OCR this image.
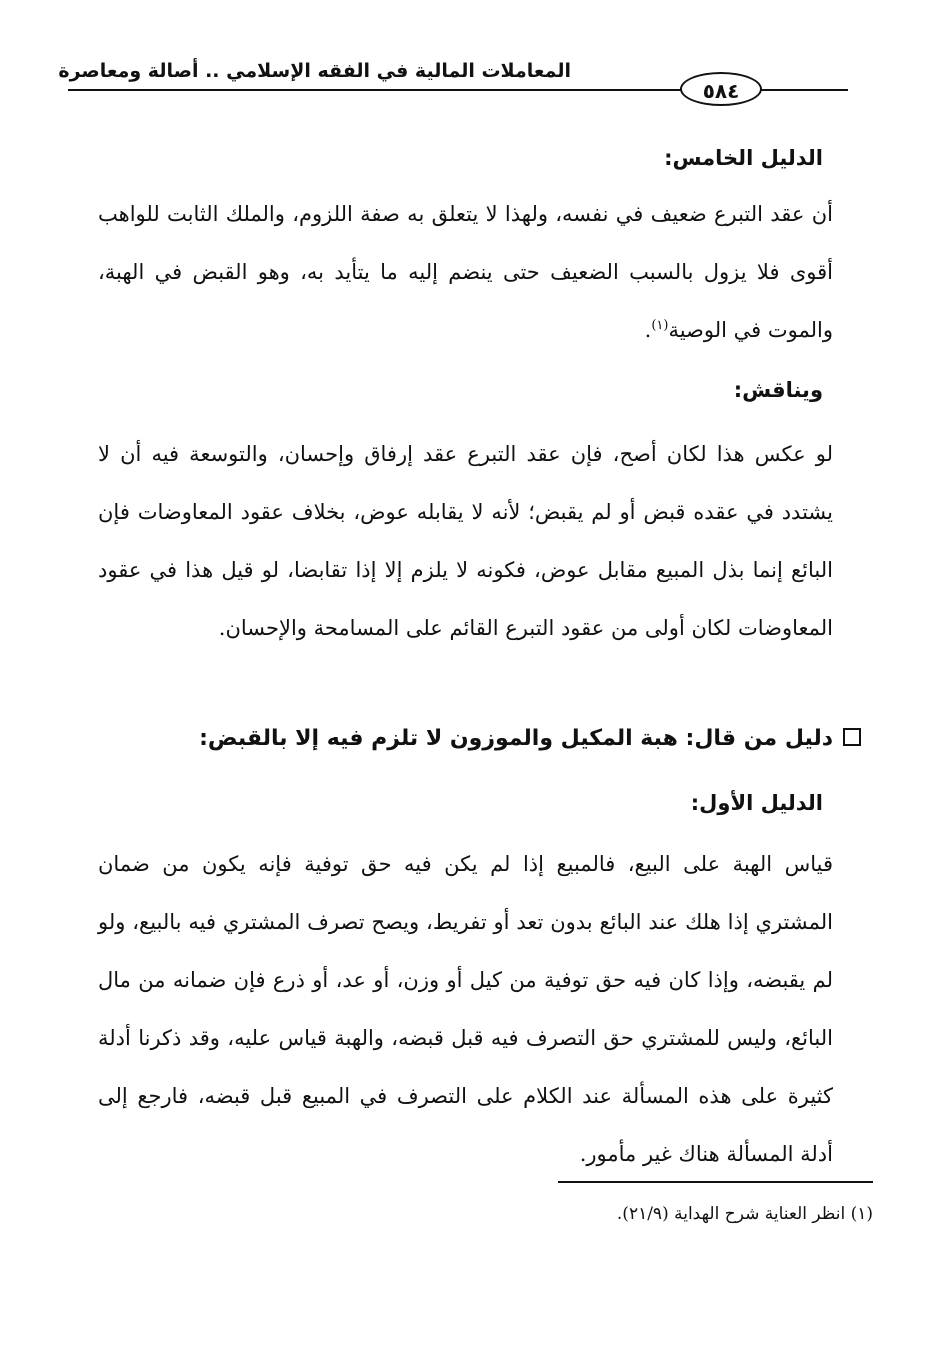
المعاملات المالية في الفقه الإسلامي .. أصالة ومعاصرة
٥٨٤
الدليل الخامس:
أن عقد التبرع ضعيف في نفسه، ولهذا لا يتعلق به صفة اللزوم، والملك الثابت للواهب أقوى فلا يزول بالسبب الضعيف حتى ينضم إليه ما يتأيد به، وهو القبض في الهبة، والموت في الوصية$^{(١)}$.
ويناقش:
لو عكس هذا لكان أصح، فإن عقد التبرع عقد إرفاق وإحسان، والتوسعة فيه أن لا يشتدد في عقده قبض أو لم يقبض؛ لأنه لا يقابله عوض، بخلاف عقود المعاوضات فإن البائع إنما بذل المبيع مقابل عوض، فكونه لا يلزم إلا إذا تقابضا، لو قيل هذا في عقود المعاوضات لكان أولى من عقود التبرع القائم على المسامحة والإحسان.
دليل من قال: هبة المكيل والموزون لا تلزم فيه إلا بالقبض:
الدليل الأول:
قياس الهبة على البيع، فالمبيع إذا لم يكن فيه حق توفية فإنه يكون من ضمان المشتري إذا هلك عند البائع بدون تعد أو تفريط، ويصح تصرف المشتري فيه بالبيع، ولو لم يقبضه، وإذا كان فيه حق توفية من كيل أو وزن، أو عد، أو ذرع فإن ضمانه من مال البائع، وليس للمشتري حق التصرف فيه قبل قبضه، والهبة قياس عليه، وقد ذكرنا أدلة كثيرة على هذه المسألة عند الكلام على التصرف في المبيع قبل قبضه، فارجع إلى أدلة المسألة هناك غير مأمور.
(١) انظر العناية شرح الهداية (٢١/٩).
